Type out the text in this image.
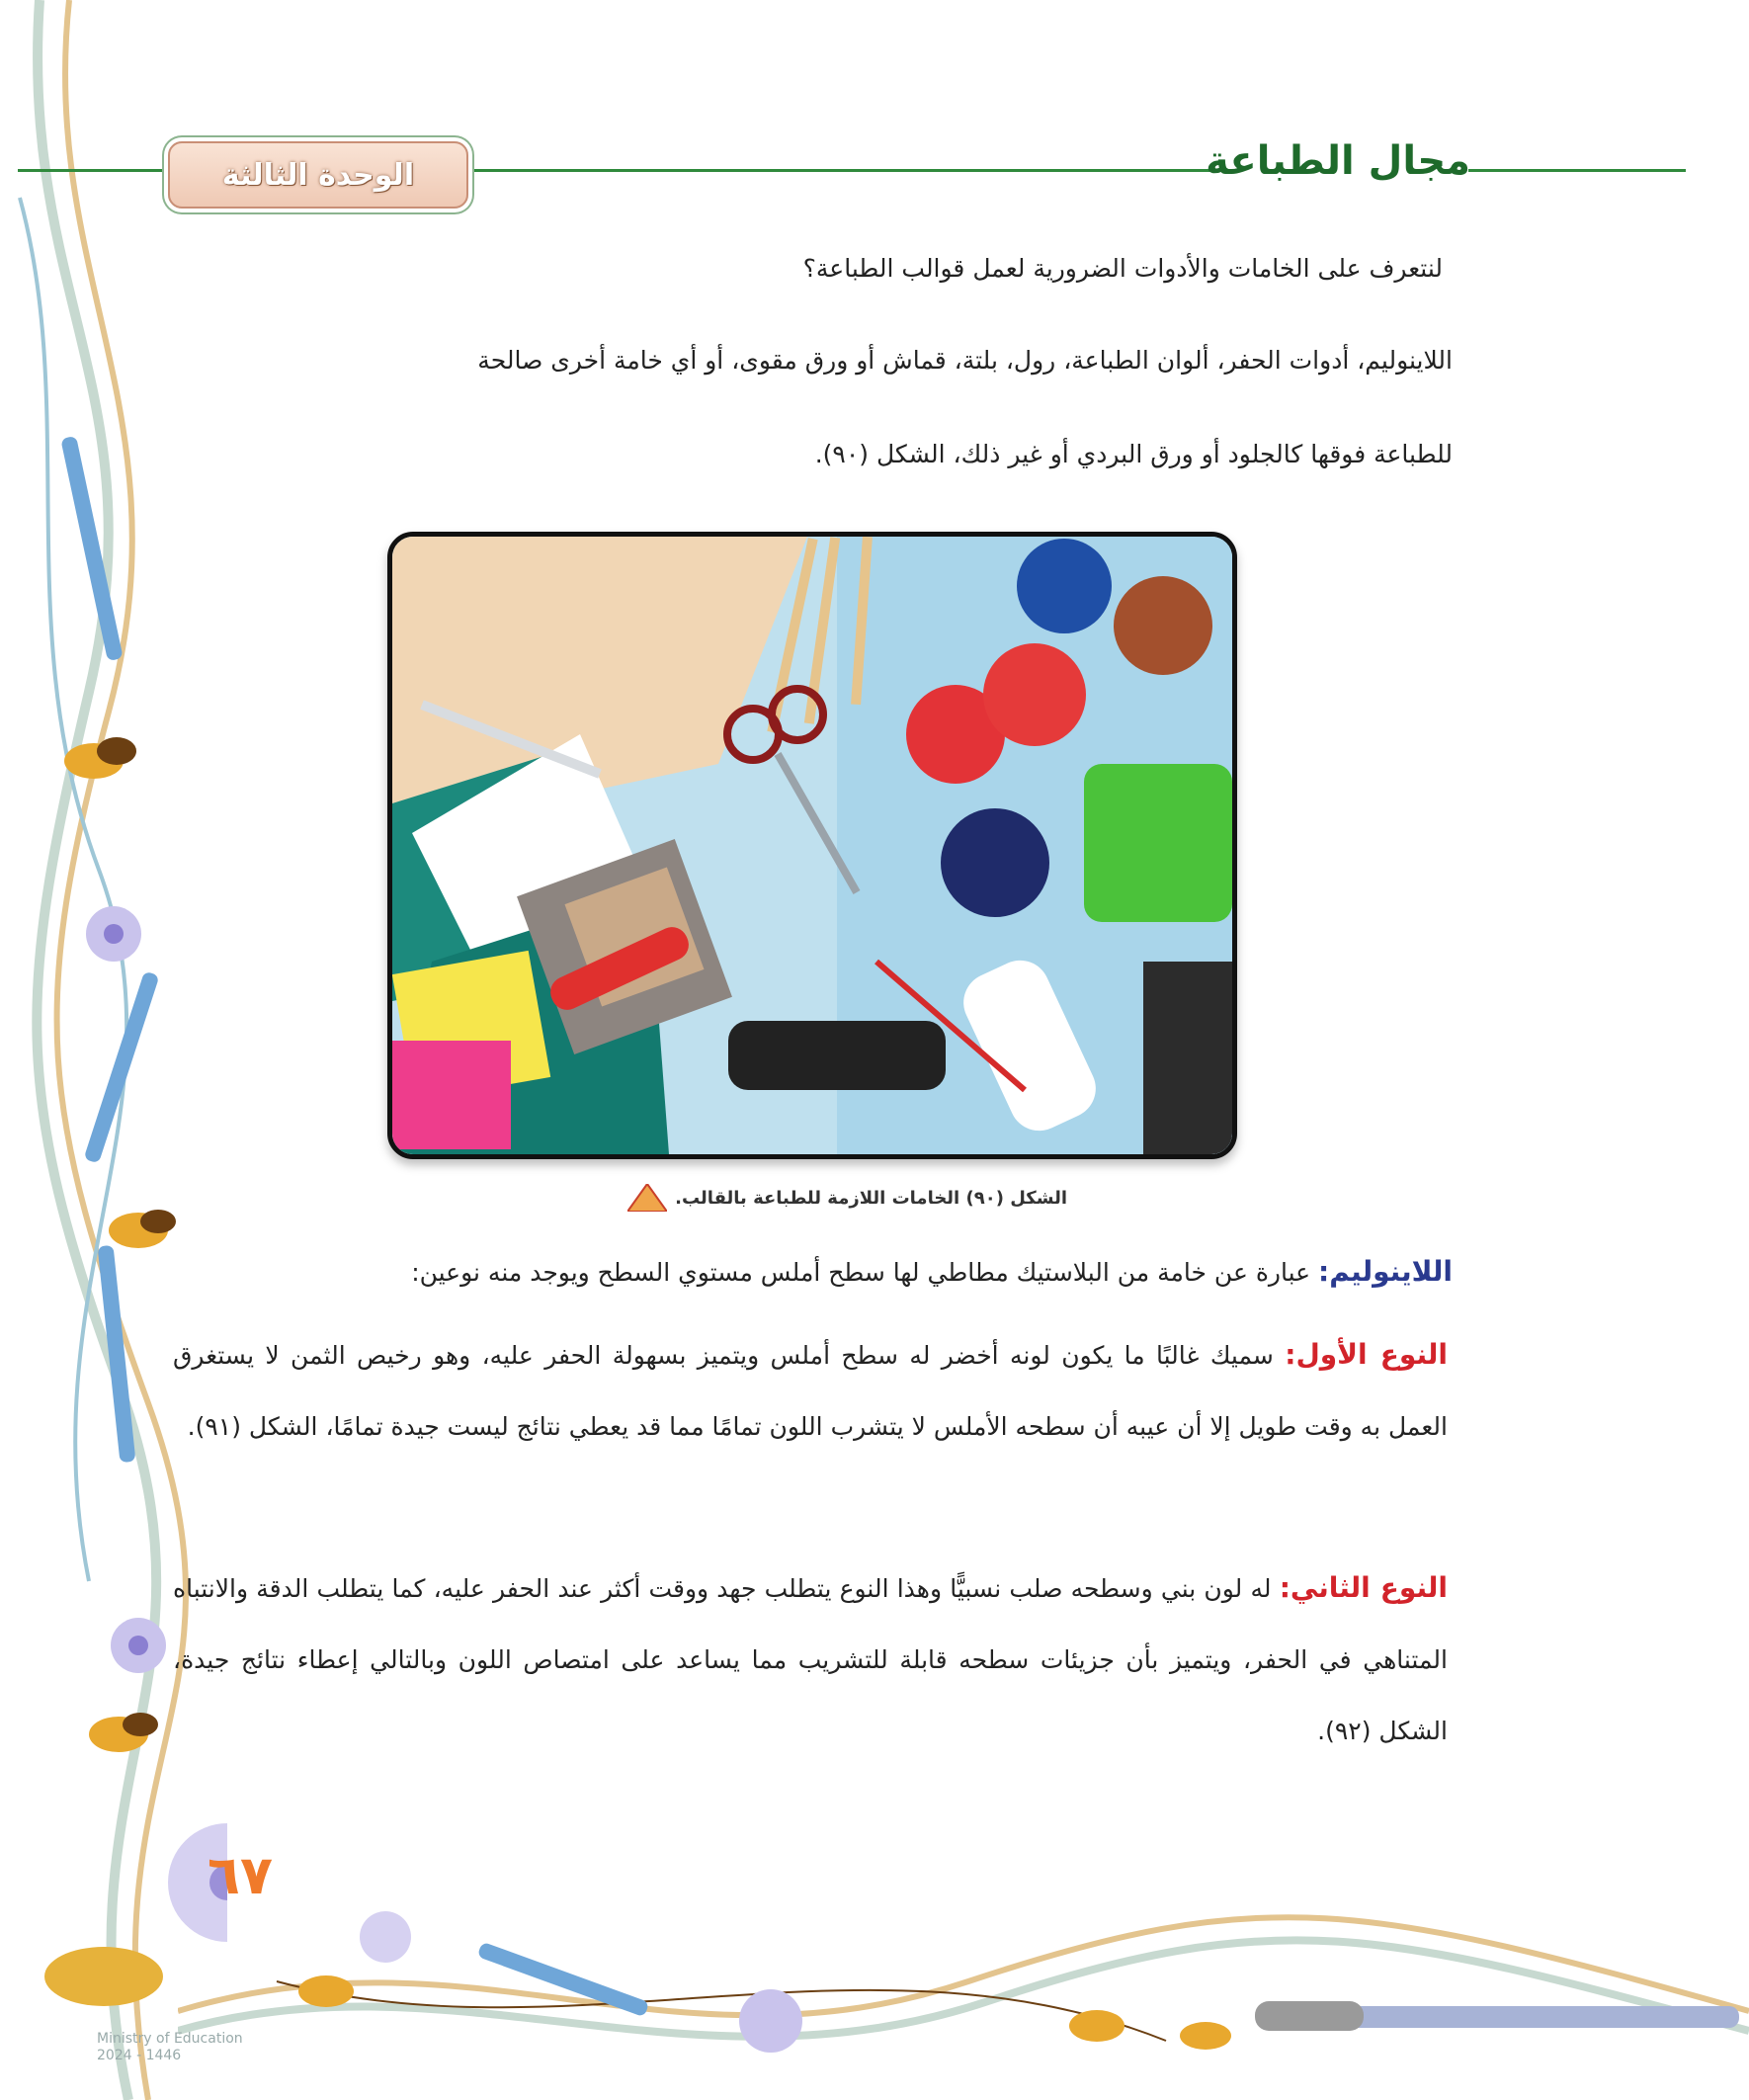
الوحدة الثالثة	مجال الطباعة
لنتعرف على الخامات والأدوات الضرورية لعمل قوالب الطباعة؟
اللاينوليم، أدوات الحفر، ألوان الطباعة، رول، بلتة، قماش أو ورق مقوى، أو أي خامة أخرى صالحة
للطباعة فوقها كالجلود أو ورق البردي أو غير ذلك، الشكل (٩٠).
الشكل (٩٠) الخامات اللازمة للطباعة بالقالب.
اللاينوليم: عبارة عن خامة من البلاستيك مطاطي لها سطح أملس مستوي السطح ويوجد منه نوعين:
النوع الأول: سميك غالبًا ما يكون لونه أخضر له سطح أملس ويتميز بسهولة الحفر عليه، وهو رخيص الثمن لا يستغرق العمل به وقت طويل إلا أن عيبه أن سطحه الأملس لا يتشرب اللون تمامًا مما قد يعطي نتائج ليست جيدة تمامًا، الشكل (٩١).
النوع الثاني: له لون بني وسطحه صلب نسبيًّا وهذا النوع يتطلب جهد ووقت أكثر عند الحفر عليه، كما يتطلب الدقة والانتباه المتناهي في الحفر، ويتميز بأن جزيئات سطحه قابلة للتشريب مما يساعد على امتصاص اللون وبالتالي إعطاء نتائج جيدة، الشكل (٩٢).
٦٧
Ministry of Education
2024 - 1446
